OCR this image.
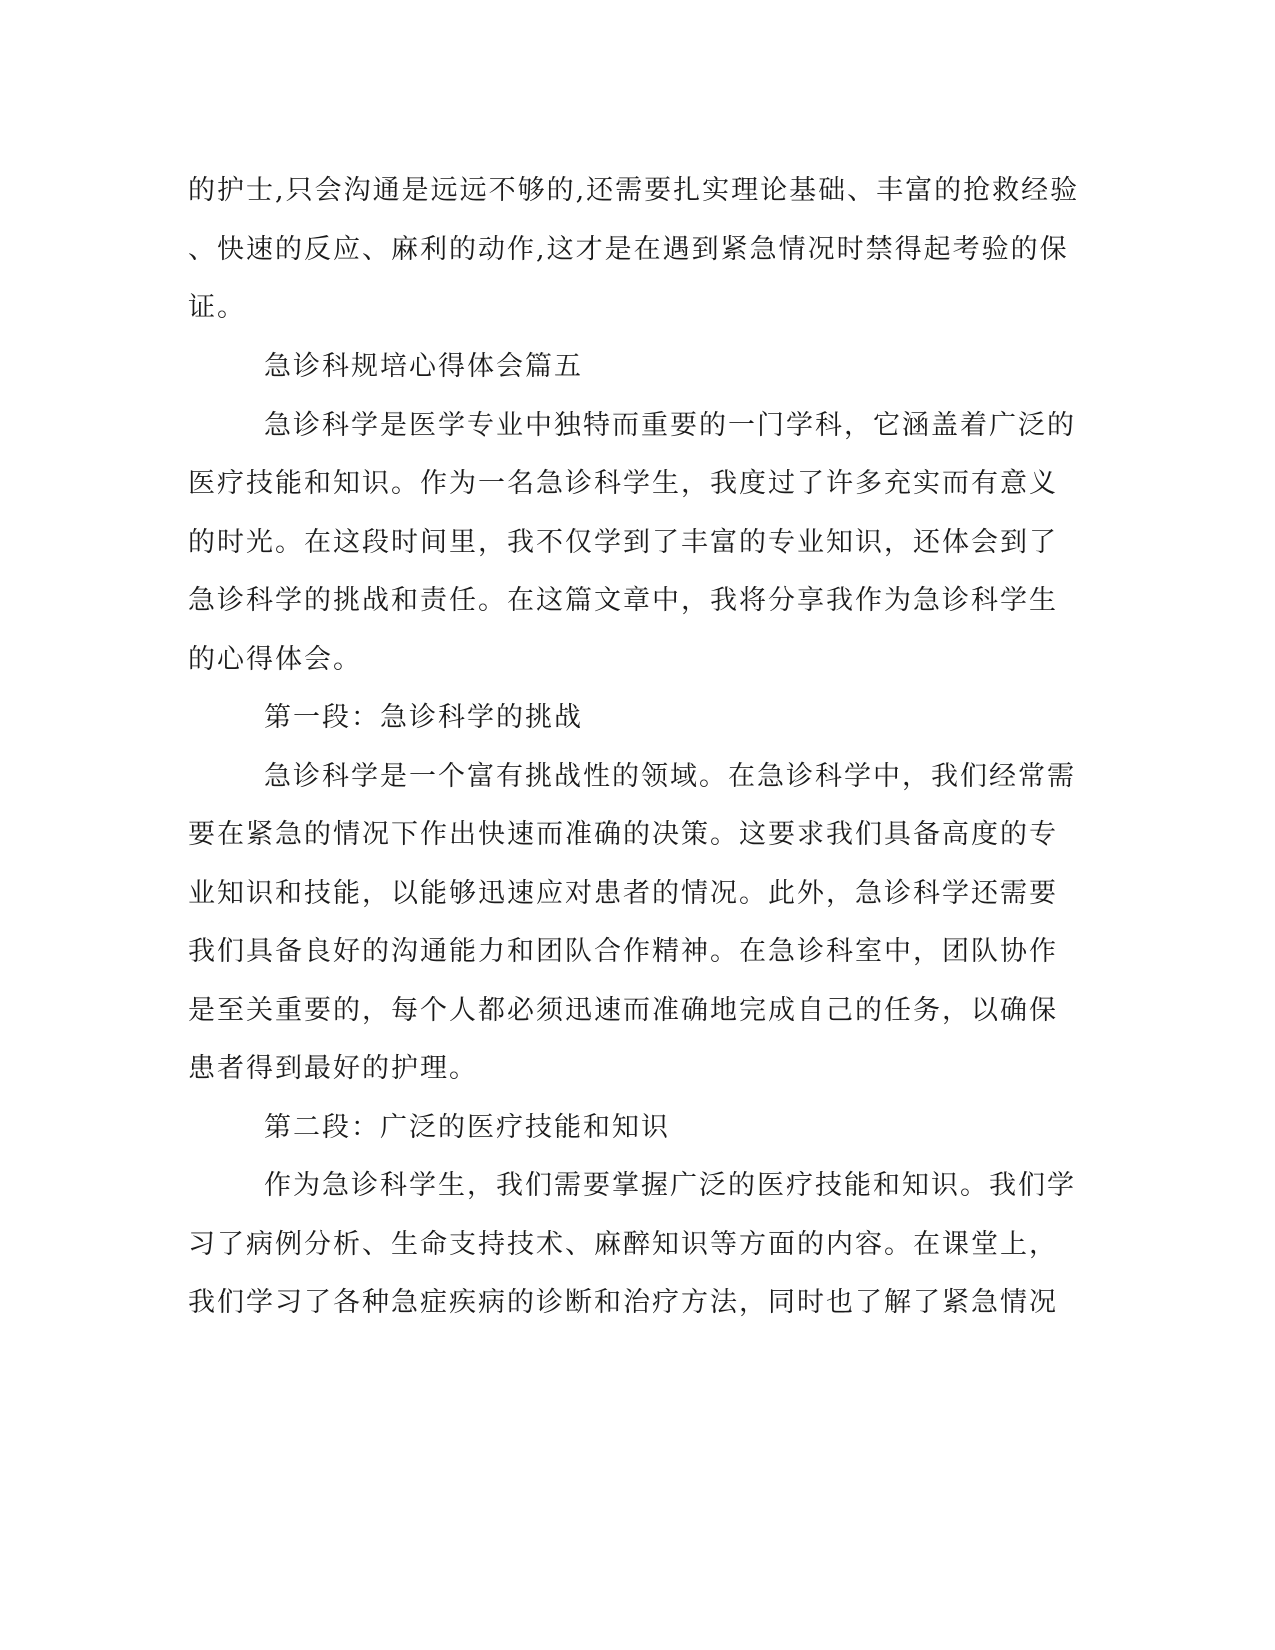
的护士,只会沟通是远远不够的,还需要扎实理论基础、丰富的抢救经验
、快速的反应、麻利的动作,这才是在遇到紧急情况时禁得起考验的保
证。

急诊科规培心得体会篇五

急诊科学是医学专业中独特而重要的一门学科，它涵盖着广泛的

医疗技能和知识。作为一名急诊科学生，我度过了许多充实而有意义
的时光。在这段时间里，我不仅学到了丰富的专业知识，还体会到了
急诊科学的挑战和责任。在这篇文章中，我将分享我作为急诊科学生
的心得体会。

第一段：急诊科学的挑战

急诊科学是一个富有挑战性的领域。在急诊科学中，我们经常需

要在紧急的情况下作出快速而准确的决策。这要求我们具备高度的专
业知识和技能，以能够迅速应对患者的情况。此外，急诊科学还需要
我们具备良好的沟通能力和团队合作精神。在急诊科室中，团队协作
是至关重要的，每个人都必须迅速而准确地完成自己的任务，以确保
患者得到最好的护理。

第二段：广泛的医疗技能和知识

作为急诊科学生，我们需要掌握广泛的医疗技能和知识。我们学

习了病例分析、生命支持技术、麻醉知识等方面的内容。在课堂上，
我们学习了各种急症疾病的诊断和治疗方法，同时也了解了紧急情况
